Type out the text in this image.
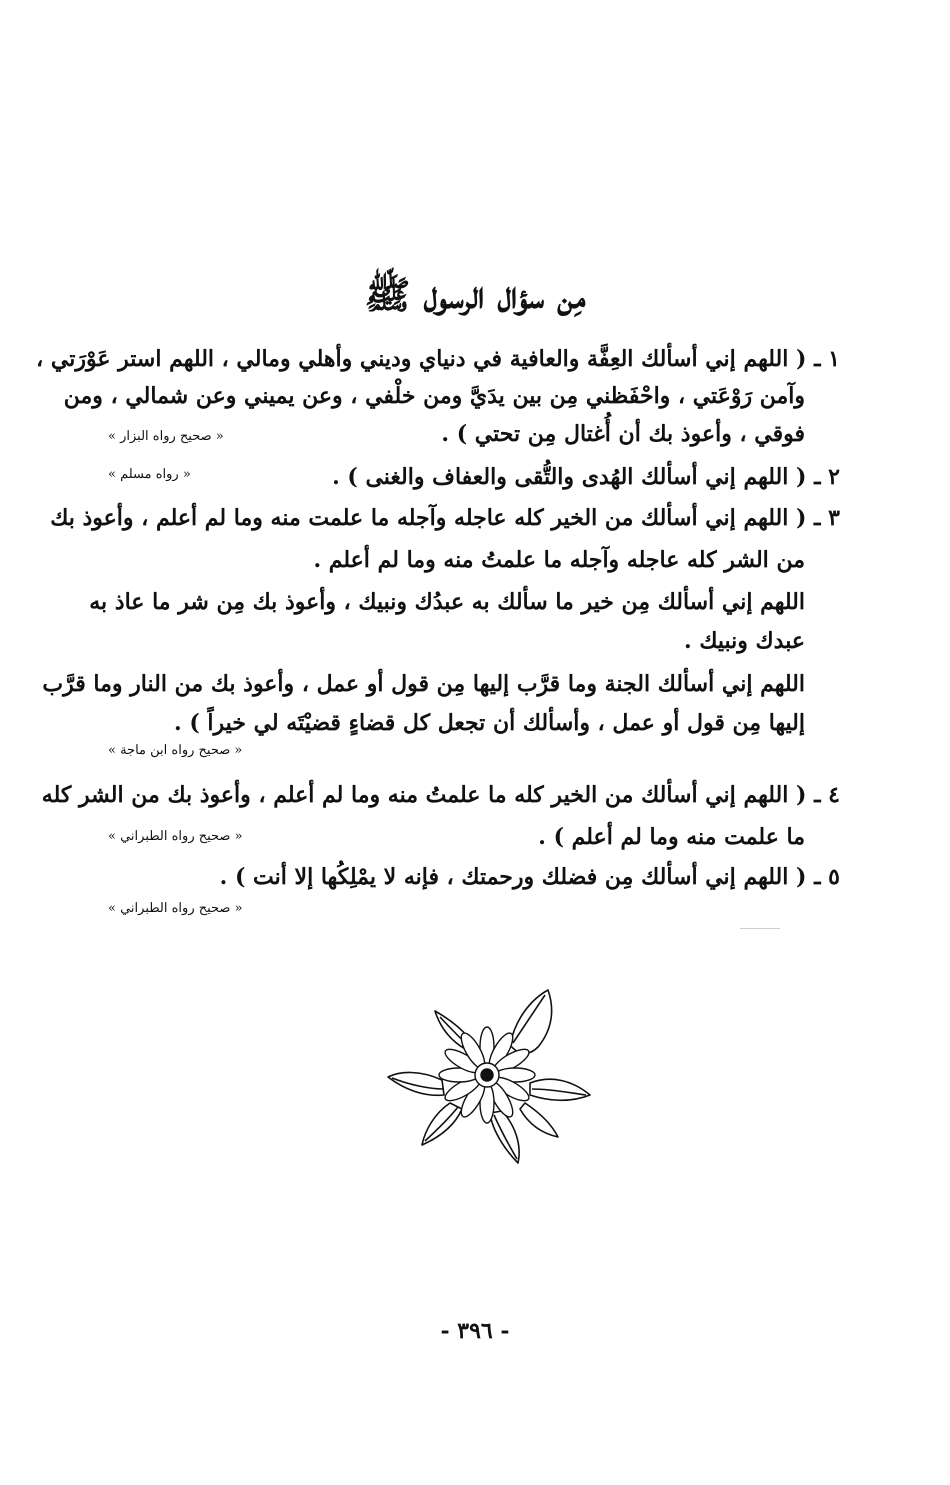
مِن سؤال الرسول ﷺ
١ ـ ( اللهم إني أسألك العِفَّة والعافية في دنياي وديني وأهلي ومالي ، اللهم استر عَوْرَتي ،
وآمن رَوْعَتي ، واحْفَظني مِن بين يدَيَّ ومن خلْفي ، وعن يميني وعن شمالي ، ومن
فوقي ، وأعوذ بك أن أُغتال مِن تحتي ) .
« صحيح رواه البزار »
٢ ـ ( اللهم إني أسألك الهُدى والتُّقى والعفاف والغنى ) .
« رواه مسلم »
٣ ـ ( اللهم إني أسألك من الخير كله عاجله وآجله ما علمت منه وما لم أعلم ، وأعوذ بك
من الشر كله عاجله وآجله ما علمتُ منه وما لم أعلم .
اللهم إني أسألك مِن خير ما سألك به عبدُك ونبيك ، وأعوذ بك مِن شر ما عاذ به
عبدك ونبيك .
اللهم إني أسألك الجنة وما قرَّب إليها مِن قول أو عمل ، وأعوذ بك من النار وما قرَّب
إليها مِن قول أو عمل ، وأسألك أن تجعل كل قضاءٍ قضيْتَه لي خيراً ) .
« صحيح رواه ابن ماجة »
٤ ـ ( اللهم إني أسألك من الخير كله ما علمتُ منه وما لم أعلم ، وأعوذ بك من الشر كله
ما علمت منه وما لم أعلم ) .
« صحيح رواه الطبراني »
٥ ـ ( اللهم إني أسألك مِن فضلك ورحمتك ، فإنه لا يمْلِكُها إلا أنت ) .
« صحيح رواه الطبراني »
- ٣٩٦ -
